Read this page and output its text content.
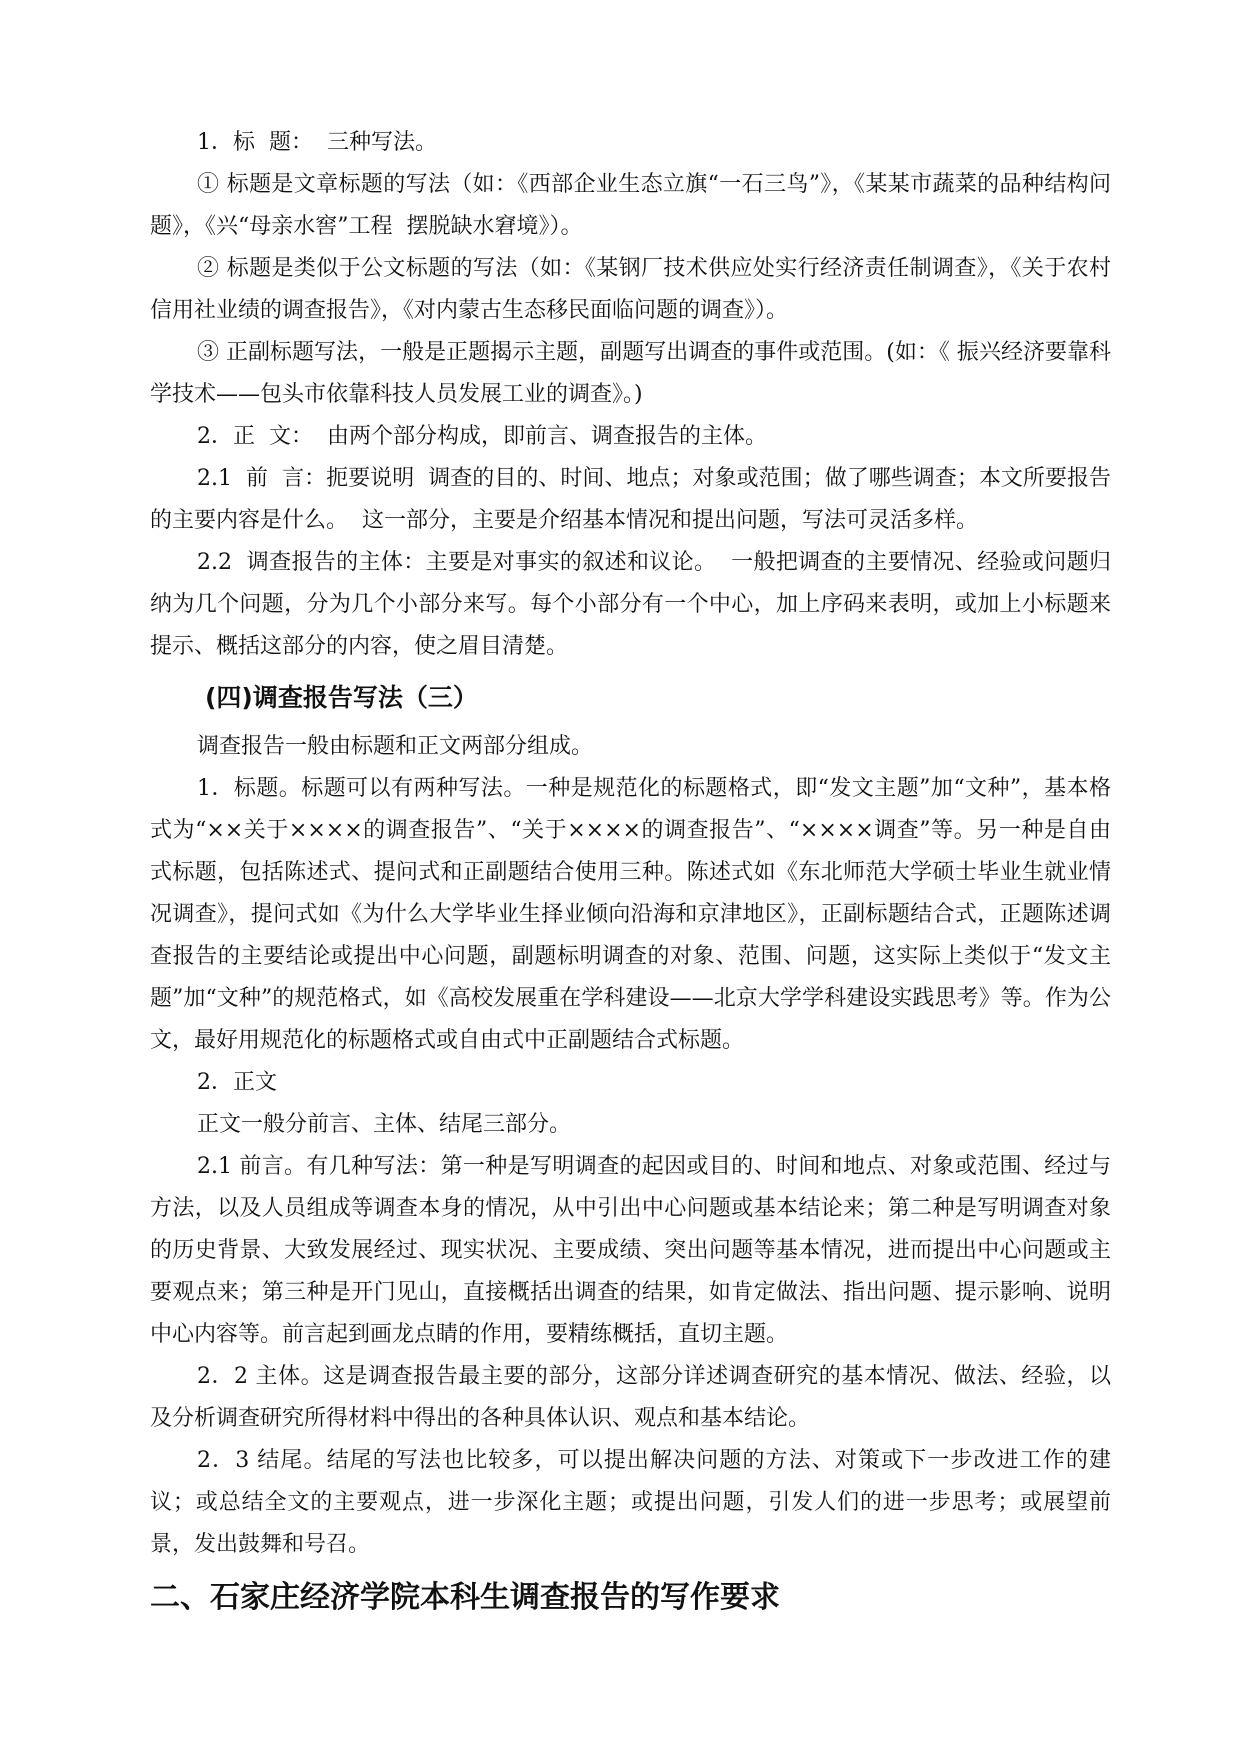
1．标  题：  三种写法。

① 标题是文章标题的写法（如：《西部企业生态立旗“一石三鸟”》，《某某市蔬菜的品种结构问题》，《兴“母亲水窖”工程  摆脱缺水窘境》）。

② 标题是类似于公文标题的写法（如：《某钢厂技术供应处实行经济责任制调查》，《关于农村信用社业绩的调查报告》，《对内蒙古生态移民面临问题的调查》）。

③ 正副标题写法，一般是正题揭示主题，副题写出调查的事件或范围。(如：《 振兴经济要靠科学技术——包头市依靠科技人员发展工业的调查》。)

2．正  文：  由两个部分构成，即前言、调查报告的主体。

2.1  前  言：扼要说明  调查的目的、时间、地点；对象或范围；做了哪些调查；本文所要报告的主要内容是什么。  这一部分，主要是介绍基本情况和提出问题，写法可灵活多样。

2.2  调查报告的主体：主要是对事实的叙述和议论。  一般把调查的主要情况、经验或问题归纳为几个问题，分为几个小部分来写。每个小部分有一个中心，加上序码来表明，或加上小标题来提示、概括这部分的内容，使之眉目清楚。

(四)调查报告写法（三）

调查报告一般由标题和正文两部分组成。

1．标题。标题可以有两种写法。一种是规范化的标题格式，即“发文主题”加“文种”，基本格式为“××关于××××的调查报告”、“关于××××的调查报告”、“××××调查”等。另一种是自由式标题，包括陈述式、提问式和正副题结合使用三种。陈述式如《东北师范大学硕士毕业生就业情况调查》，提问式如《为什么大学毕业生择业倾向沿海和京津地区》，正副标题结合式，正题陈述调查报告的主要结论或提出中心问题，副题标明调查的对象、范围、问题，这实际上类似于“发文主题”加“文种”的规范格式，如《高校发展重在学科建设——北京大学学科建设实践思考》等。作为公文，最好用规范化的标题格式或自由式中正副题结合式标题。

2．正文

正文一般分前言、主体、结尾三部分。

2.1 前言。有几种写法：第一种是写明调查的起因或目的、时间和地点、对象或范围、经过与方法，以及人员组成等调查本身的情况，从中引出中心问题或基本结论来；第二种是写明调查对象的历史背景、大致发展经过、现实状况、主要成绩、突出问题等基本情况，进而提出中心问题或主要观点来；第三种是开门见山，直接概括出调查的结果，如肯定做法、指出问题、提示影响、说明中心内容等。前言起到画龙点睛的作用，要精练概括，直切主题。

2．2 主体。这是调查报告最主要的部分，这部分详述调查研究的基本情况、做法、经验，以及分析调查研究所得材料中得出的各种具体认识、观点和基本结论。

2．3 结尾。结尾的写法也比较多，可以提出解决问题的方法、对策或下一步改进工作的建议；或总结全文的主要观点，进一步深化主题；或提出问题，引发人们的进一步思考；或展望前景，发出鼓舞和号召。

二、石家庄经济学院本科生调查报告的写作要求
